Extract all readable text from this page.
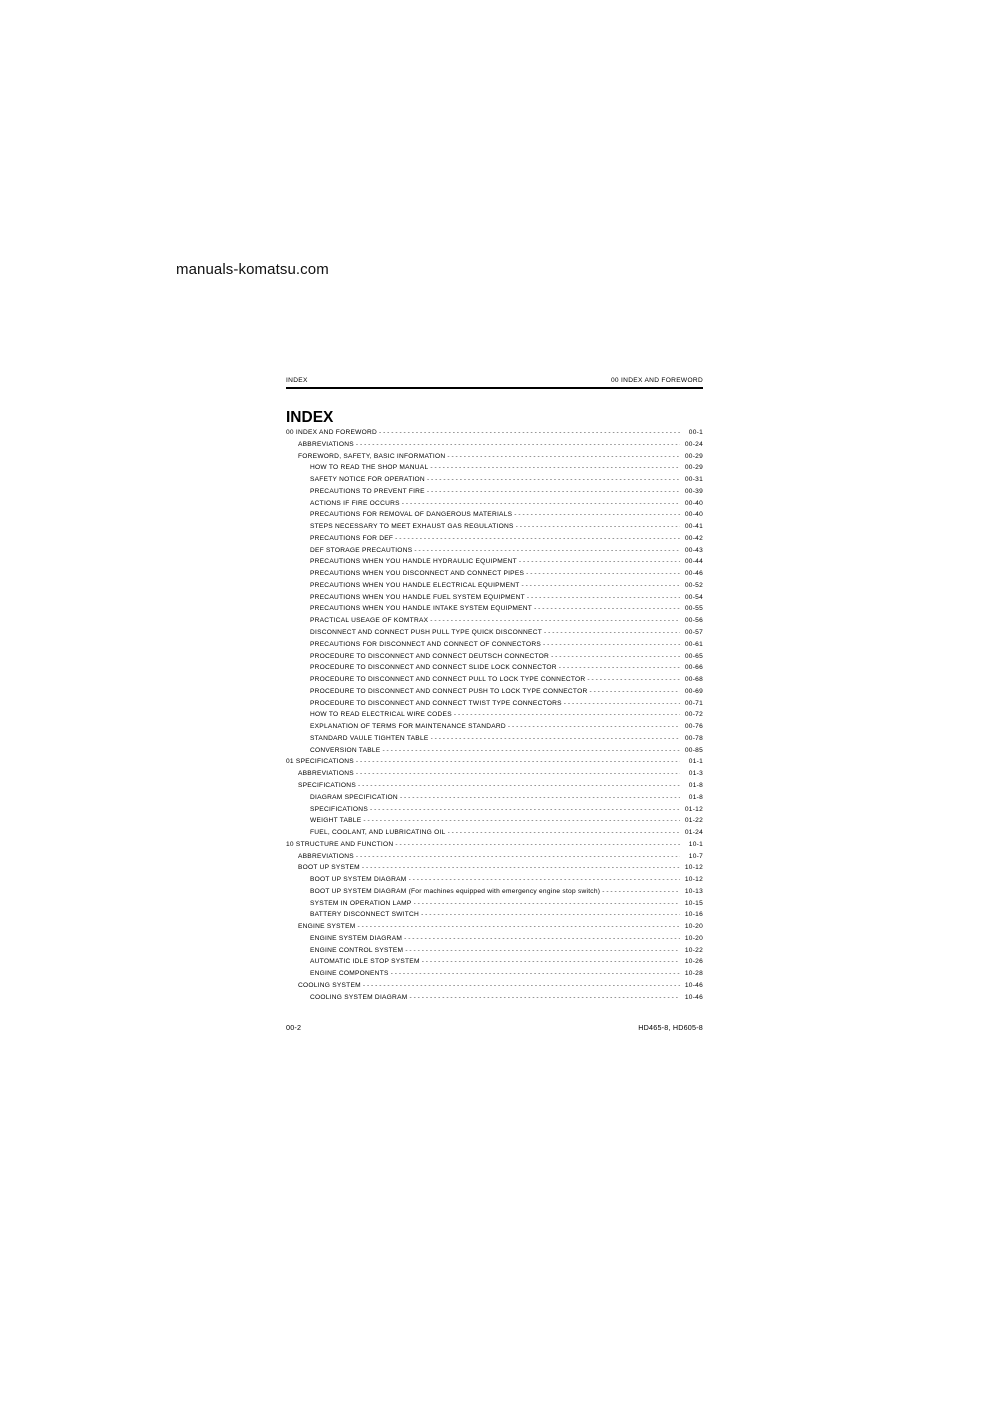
manuals-komatsu.com
INDEX	00 INDEX AND FOREWORD
INDEX
00 INDEX AND FOREWORD -----	00-1
ABBREVIATIONS -----	00-24
FOREWORD, SAFETY, BASIC INFORMATION -----	00-29
HOW TO READ THE SHOP MANUAL -----	00-29
SAFETY NOTICE FOR OPERATION -----	00-31
PRECAUTIONS TO PREVENT FIRE -----	00-39
ACTIONS IF FIRE OCCURS -----	00-40
PRECAUTIONS FOR REMOVAL OF DANGEROUS MATERIALS -----	00-40
STEPS NECESSARY TO MEET EXHAUST GAS REGULATIONS -----	00-41
PRECAUTIONS FOR DEF -----	00-42
DEF STORAGE PRECAUTIONS -----	00-43
PRECAUTIONS WHEN YOU HANDLE HYDRAULIC EQUIPMENT -----	00-44
PRECAUTIONS WHEN YOU DISCONNECT AND CONNECT PIPES -----	00-46
PRECAUTIONS WHEN YOU HANDLE ELECTRICAL EQUIPMENT -----	00-52
PRECAUTIONS WHEN YOU HANDLE FUEL SYSTEM EQUIPMENT -----	00-54
PRECAUTIONS WHEN YOU HANDLE INTAKE SYSTEM EQUIPMENT -----	00-55
PRACTICAL USEAGE OF KOMTRAX -----	00-56
DISCONNECT AND CONNECT PUSH PULL TYPE QUICK DISCONNECT -----	00-57
PRECAUTIONS FOR DISCONNECT AND CONNECT OF CONNECTORS -----	00-61
PROCEDURE TO DISCONNECT AND CONNECT DEUTSCH CONNECTOR -----	00-65
PROCEDURE TO DISCONNECT AND CONNECT SLIDE LOCK CONNECTOR -----	00-66
PROCEDURE TO DISCONNECT AND CONNECT PULL TO LOCK TYPE CONNECTOR -----	00-68
PROCEDURE TO DISCONNECT AND CONNECT PUSH TO LOCK TYPE CONNECTOR -----	00-69
PROCEDURE TO DISCONNECT AND CONNECT TWIST TYPE CONNECTORS -----	00-71
HOW TO READ ELECTRICAL WIRE CODES -----	00-72
EXPLANATION OF TERMS FOR MAINTENANCE STANDARD -----	00-76
STANDARD VAULE TIGHTEN TABLE -----	00-78
CONVERSION TABLE -----	00-85
01 SPECIFICATIONS -----	01-1
ABBREVIATIONS -----	01-3
SPECIFICATIONS -----	01-8
DIAGRAM SPECIFICATION -----	01-8
SPECIFICATIONS -----	01-12
WEIGHT TABLE -----	01-22
FUEL, COOLANT, AND LUBRICATING OIL -----	01-24
10 STRUCTURE AND FUNCTION -----	10-1
ABBREVIATIONS -----	10-7
BOOT UP SYSTEM -----	10-12
BOOT UP SYSTEM DIAGRAM -----	10-12
BOOT UP SYSTEM DIAGRAM (For machines equipped with emergency engine stop switch) -----	10-13
SYSTEM IN OPERATION LAMP -----	10-15
BATTERY DISCONNECT SWITCH -----	10-16
ENGINE SYSTEM -----	10-20
ENGINE SYSTEM DIAGRAM -----	10-20
ENGINE CONTROL SYSTEM -----	10-22
AUTOMATIC IDLE STOP SYSTEM -----	10-26
ENGINE COMPONENTS -----	10-28
COOLING SYSTEM -----	10-46
COOLING SYSTEM DIAGRAM -----	10-46
00-2	HD465-8, HD605-8
